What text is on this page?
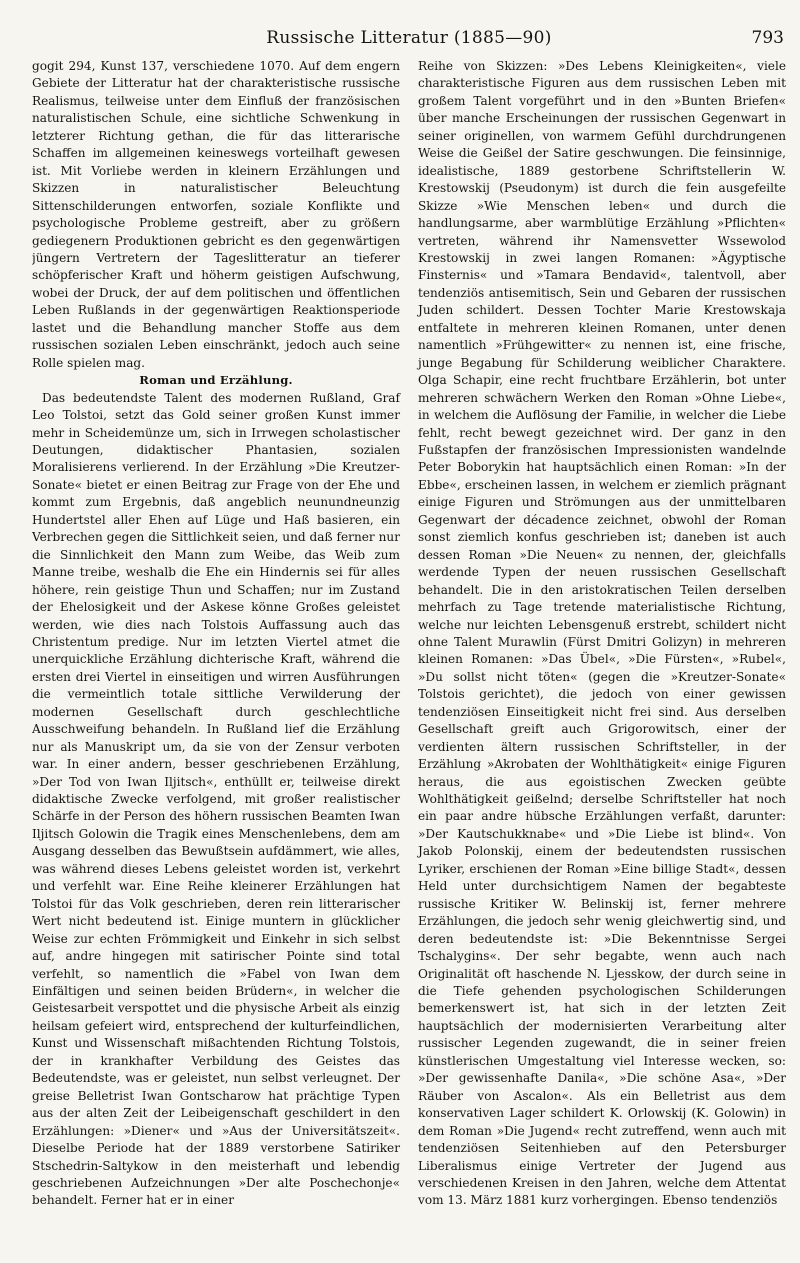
Russische Litteratur (1885—90)	793

gogit 294, Kunst 137, verschiedene 1070. Auf dem engern Gebiete der Litteratur hat der charakteristische russische Realismus, teilweise unter dem Einfluß der französischen naturalistischen Schule, eine sichtliche Schwenkung in letzterer Richtung gethan, die für das litterarische Schaffen im allgemeinen keineswegs vorteilhaft gewesen ist. Mit Vorliebe werden in kleinern Erzählungen und Skizzen in naturalistischer Beleuchtung Sittenschilderungen entworfen, soziale Konflikte und psychologische Probleme gestreift, aber zu größern gediegenern Produktionen gebricht es den gegenwärtigen jüngern Vertretern der Tageslitteratur an tieferer schöpferischer Kraft und höherm geistigen Aufschwung, wobei der Druck, der auf dem politischen und öffentlichen Leben Rußlands in der gegenwärtigen Reaktionsperiode lastet und die Behandlung mancher Stoffe aus dem russischen sozialen Leben einschränkt, jedoch auch seine Rolle spielen mag.

Roman und Erzählung.

Das bedeutendste Talent des modernen Rußland, Graf Leo Tolstoi, setzt das Gold seiner großen Kunst immer mehr in Scheidemünze um, sich in Irrwegen scholastischer Deutungen, didaktischer Phantasien, sozialen Moralisierens verlierend. In der Erzählung »Die Kreutzer-Sonate« bietet er einen Beitrag zur Frage von der Ehe und kommt zum Ergebnis, daß angeblich neunundneunzig Hundertstel aller Ehen auf Lüge und Haß basieren, ein Verbrechen gegen die Sittlichkeit seien, und daß ferner nur die Sinnlichkeit den Mann zum Weibe, das Weib zum Manne treibe, weshalb die Ehe ein Hindernis sei für alles höhere, rein geistige Thun und Schaffen; nur im Zustand der Ehelosigkeit und der Askese könne Großes geleistet werden, wie dies nach Tolstois Auffassung auch das Christentum predige. Nur im letzten Viertel atmet die unerquickliche Erzählung dichterische Kraft, während die ersten drei Viertel in einseitigen und wirren Ausführungen die vermeintlich totale sittliche Verwilderung der modernen Gesellschaft durch geschlechtliche Ausschweifung behandeln. In Rußland lief die Erzählung nur als Manuskript um, da sie von der Zensur verboten war. In einer andern, besser geschriebenen Erzählung, »Der Tod von Iwan Iljitsch«, enthüllt er, teilweise direkt didaktische Zwecke verfolgend, mit großer realistischer Schärfe in der Person des höhern russischen Beamten Iwan Iljitsch Golowin die Tragik eines Menschenlebens, dem am Ausgang desselben das Bewußtsein aufdämmert, wie alles, was während dieses Lebens geleistet worden ist, verkehrt und verfehlt war. Eine Reihe kleinerer Erzählungen hat Tolstoi für das Volk geschrieben, deren rein litterarischer Wert nicht bedeutend ist. Einige muntern in glücklicher Weise zur echten Frömmigkeit und Einkehr in sich selbst auf, andre hingegen mit satirischer Pointe sind total verfehlt, so namentlich die »Fabel von Iwan dem Einfältigen und seinen beiden Brüdern«, in welcher die Geistesarbeit verspottet und die physische Arbeit als einzig heilsam gefeiert wird, entsprechend der kulturfeindlichen, Kunst und Wissenschaft mißachtenden Richtung Tolstois, der in krankhafter Verbildung des Geistes das Bedeutendste, was er geleistet, nun selbst verleugnet. Der greise Belletrist Iwan Gontscharow hat prächtige Typen aus der alten Zeit der Leibeigenschaft geschildert in den Erzählungen: »Diener« und »Aus der Universitätszeit«. Dieselbe Periode hat der 1889 verstorbene Satiriker Stschedrin-Saltykow in den meisterhaft und lebendig geschriebenen Aufzeichnungen »Der alte Poschechonje« behandelt. Ferner hat er in einer

Reihe von Skizzen: »Des Lebens Kleinigkeiten«, viele charakteristische Figuren aus dem russischen Leben mit großem Talent vorgeführt und in den »Bunten Briefen« über manche Erscheinungen der russischen Gegenwart in seiner originellen, von warmem Gefühl durchdrungenen Weise die Geißel der Satire geschwungen. Die feinsinnige, idealistische, 1889 gestorbene Schriftstellerin W. Krestowskij (Pseudonym) ist durch die fein ausgefeilte Skizze »Wie Menschen leben« und durch die handlungsarme, aber warmblütige Erzählung »Pflichten« vertreten, während ihr Namensvetter Wssewolod Krestowskij in zwei langen Romanen: »Ägyptische Finsternis« und »Tamara Bendavid«, talentvoll, aber tendenziös antisemitisch, Sein und Gebaren der russischen Juden schildert. Dessen Tochter Marie Krestowskaja entfaltete in mehreren kleinen Romanen, unter denen namentlich »Frühgewitter« zu nennen ist, eine frische, junge Begabung für Schilderung weiblicher Charaktere. Olga Schapir, eine recht fruchtbare Erzählerin, bot unter mehreren schwächern Werken den Roman »Ohne Liebe«, in welchem die Auflösung der Familie, in welcher die Liebe fehlt, recht bewegt gezeichnet wird. Der ganz in den Fußstapfen der französischen Impressionisten wandelnde Peter Boborykin hat hauptsächlich einen Roman: »In der Ebbe«, erscheinen lassen, in welchem er ziemlich prägnant einige Figuren und Strömungen aus der unmittelbaren Gegenwart der décadence zeichnet, obwohl der Roman sonst ziemlich konfus geschrieben ist; daneben ist auch dessen Roman »Die Neuen« zu nennen, der, gleichfalls werdende Typen der neuen russischen Gesellschaft behandelt. Die in den aristokratischen Teilen derselben mehrfach zu Tage tretende materialistische Richtung, welche nur leichten Lebensgenuß erstrebt, schildert nicht ohne Talent Murawlin (Fürst Dmitri Golizyn) in mehreren kleinen Romanen: »Das Übel«, »Die Fürsten«, »Rubel«, »Du sollst nicht töten« (gegen die »Kreutzer-Sonate« Tolstois gerichtet), die jedoch von einer gewissen tendenziösen Einseitigkeit nicht frei sind. Aus derselben Gesellschaft greift auch Grigorowitsch, einer der verdienten ältern russischen Schriftsteller, in der Erzählung »Akrobaten der Wohlthätigkeit« einige Figuren heraus, die aus egoistischen Zwecken geübte Wohlthätigkeit geißelnd; derselbe Schriftsteller hat noch ein paar andre hübsche Erzählungen verfaßt, darunter: »Der Kautschukknabe« und »Die Liebe ist blind«. Von Jakob Polonskij, einem der bedeutendsten russischen Lyriker, erschienen der Roman »Eine billige Stadt«, dessen Held unter durchsichtigem Namen der begabteste russische Kritiker W. Belinskij ist, ferner mehrere Erzählungen, die jedoch sehr wenig gleichwertig sind, und deren bedeutendste ist: »Die Bekenntnisse Sergei Tschalygins«. Der sehr begabte, wenn auch nach Originalität oft haschende N. Ljesskow, der durch seine in die Tiefe gehenden psychologischen Schilderungen bemerkenswert ist, hat sich in der letzten Zeit hauptsächlich der modernisierten Verarbeitung alter russischer Legenden zugewandt, die in seiner freien künstlerischen Umgestaltung viel Interesse wecken, so: »Der gewissenhafte Danila«, »Die schöne Asa«, »Der Räuber von Ascalon«. Als ein Belletrist aus dem konservativen Lager schildert K. Orlowskij (K. Golowin) in dem Roman »Die Jugend« recht zutreffend, wenn auch mit tendenziösen Seitenhieben auf den Petersburger Liberalismus einige Vertreter der Jugend aus verschiedenen Kreisen in den Jahren, welche dem Attentat vom 13. März 1881 kurz vorhergingen. Ebenso tendenziös
